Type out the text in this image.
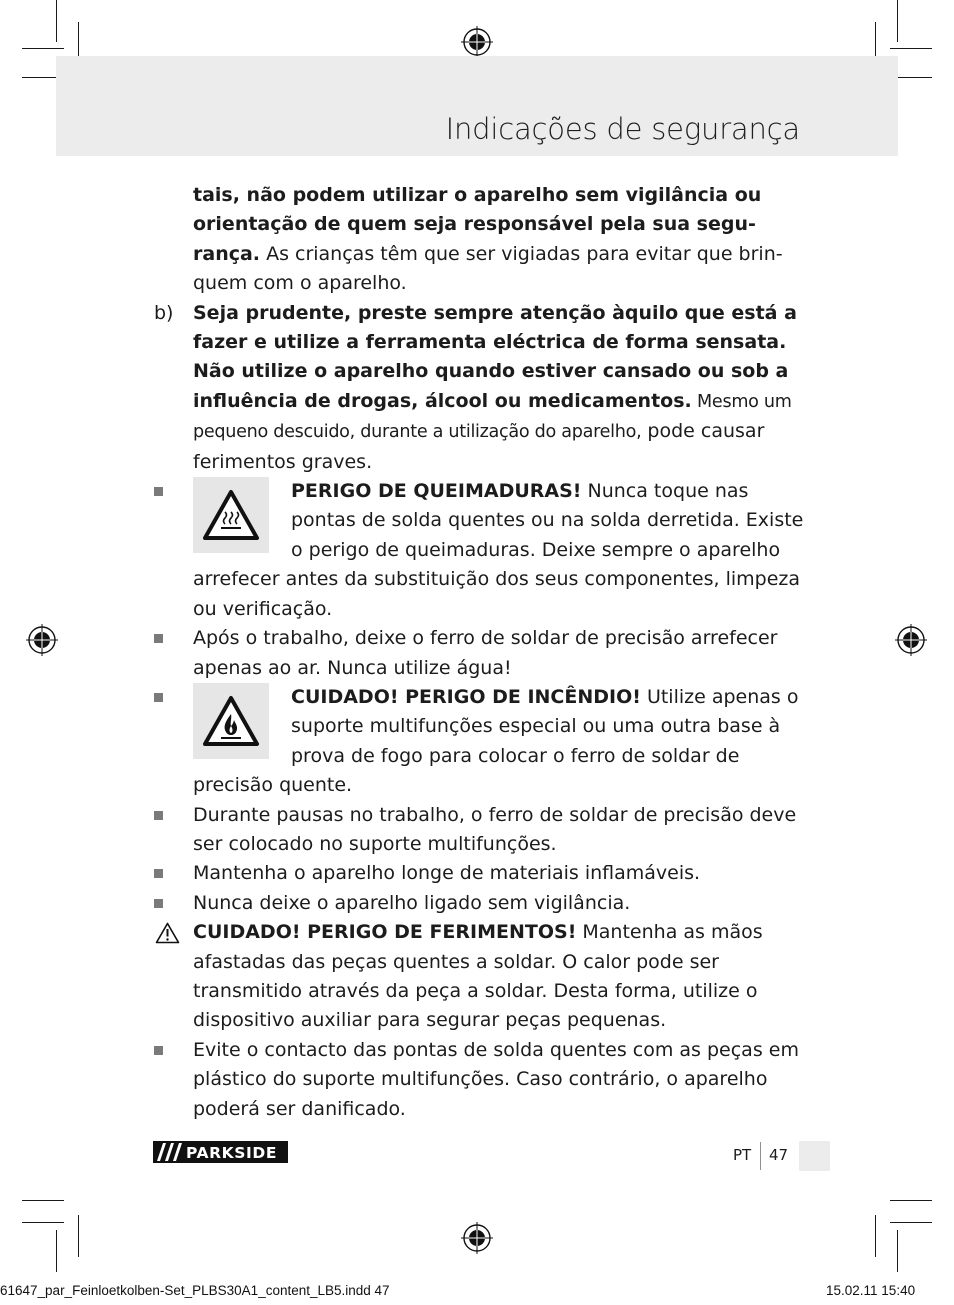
Indicações de segurança

tais, não podem utilizar o aparelho sem vigilância ou orientação de quem seja responsável pela sua segurança. As crianças têm que ser vigiadas para evitar que brinquem com o aparelho.

b) Seja prudente, preste sempre atenção àquilo que está a fazer e utilize a ferramenta eléctrica de forma sensata. Não utilize o aparelho quando estiver cansado ou sob a influência de drogas, álcool ou medicamentos. Mesmo um pequeno descuido, durante a utilização do aparelho, pode causar ferimentos graves.

PERIGO DE QUEIMADURAS! Nunca toque nas pontas de solda quentes ou na solda derretida. Existe o perigo de queimaduras. Deixe sempre o aparelho arrefecer antes da substituição dos seus componentes, limpeza ou verificação.

Após o trabalho, deixe o ferro de soldar de precisão arrefecer apenas ao ar. Nunca utilize água!

CUIDADO! PERIGO DE INCÊNDIO! Utilize apenas o suporte multifunções especial ou uma outra base à prova de fogo para colocar o ferro de soldar de precisão quente.

Durante pausas no trabalho, o ferro de soldar de precisão deve ser colocado no suporte multifunções.

Mantenha o aparelho longe de materiais inflamáveis.

Nunca deixe o aparelho ligado sem vigilância.

CUIDADO! PERIGO DE FERIMENTOS! Mantenha as mãos afastadas das peças quentes a soldar. O calor pode ser transmitido através da peça a soldar. Desta forma, utilize o dispositivo auxiliar para segurar peças pequenas.

Evite o contacto das pontas de solda quentes com as peças em plástico do suporte multifunções. Caso contrário, o aparelho poderá ser danificado.

PARKSIDE	PT 47
61647_par_Feinloetkolben-Set_PLBS30A1_content_LB5.indd 47	15.02.11 15:40
